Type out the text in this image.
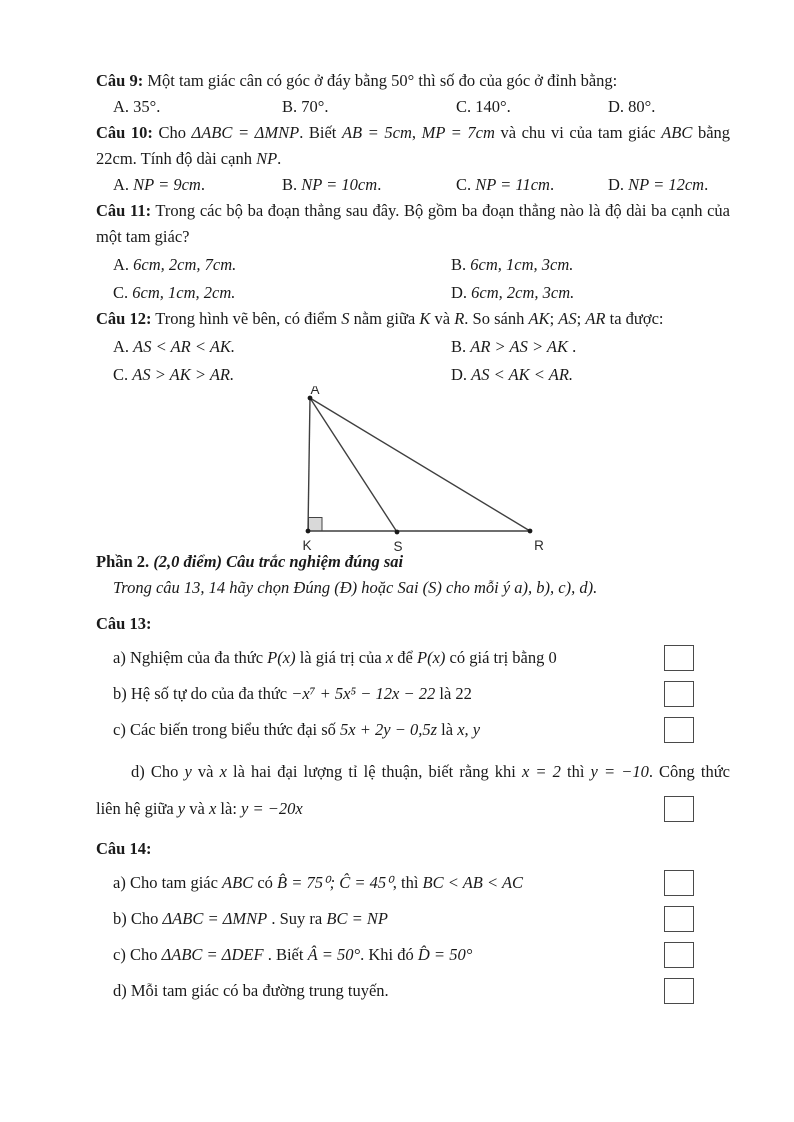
Câu 9: Một tam giác cân có góc ở đáy bằng 50° thì số đo của góc ở đỉnh bằng:

A. 35°.	B. 70°.	C. 140°.	D. 80°.

Câu 10: Cho ΔABC = ΔMNP. Biết AB = 5cm, MP = 7cm và chu vi của tam giác ABC bằng 22cm. Tính độ dài cạnh NP.

A. NP = 9cm.	B. NP = 10cm.	C. NP = 11cm.	D. NP = 12cm.

Câu 11: Trong các bộ ba đoạn thẳng sau đây. Bộ gồm ba đoạn thẳng nào là độ dài ba cạnh của một tam giác?

A. 6cm, 2cm, 7cm.	B. 6cm, 1cm, 3cm.
C. 6cm, 1cm, 2cm.	D. 6cm, 2cm, 3cm.

Câu 12: Trong hình vẽ bên, có điểm S nằm giữa K và R. So sánh AK; AS; AR ta được:

A. AS < AR < AK.	B. AR > AS > AK .
C. AS > AK > AR.	D. AS < AK < AR.
A
K	S	R

Phần 2. (2,0 điểm) Câu trắc nghiệm đúng sai

Trong câu 13, 14 hãy chọn Đúng (Đ) hoặc Sai (S) cho mỗi ý a), b), c), d).

Câu 13:

a) Nghiệm của đa thức P(x) là giá trị của x để P(x) có giá trị bằng 0

b) Hệ số tự do của đa thức −x⁷ + 5x⁵ − 12x − 22 là 22

c) Các biến trong biểu thức đại số 5x + 2y − 0,5z là x, y

d) Cho y và x là hai đại lượng tỉ lệ thuận, biết rằng khi x = 2 thì y = −10. Công thức

liên hệ giữa y và x là: y = −20x

Câu 14:

a) Cho tam giác ABC có B̂ = 75⁰; Ĉ = 45⁰, thì BC < AB < AC

b) Cho ΔABC = ΔMNP . Suy ra BC = NP

c) Cho ΔABC = ΔDEF . Biết Â = 50°. Khi đó D̂ = 50°

d) Mỗi tam giác có ba đường trung tuyến.
